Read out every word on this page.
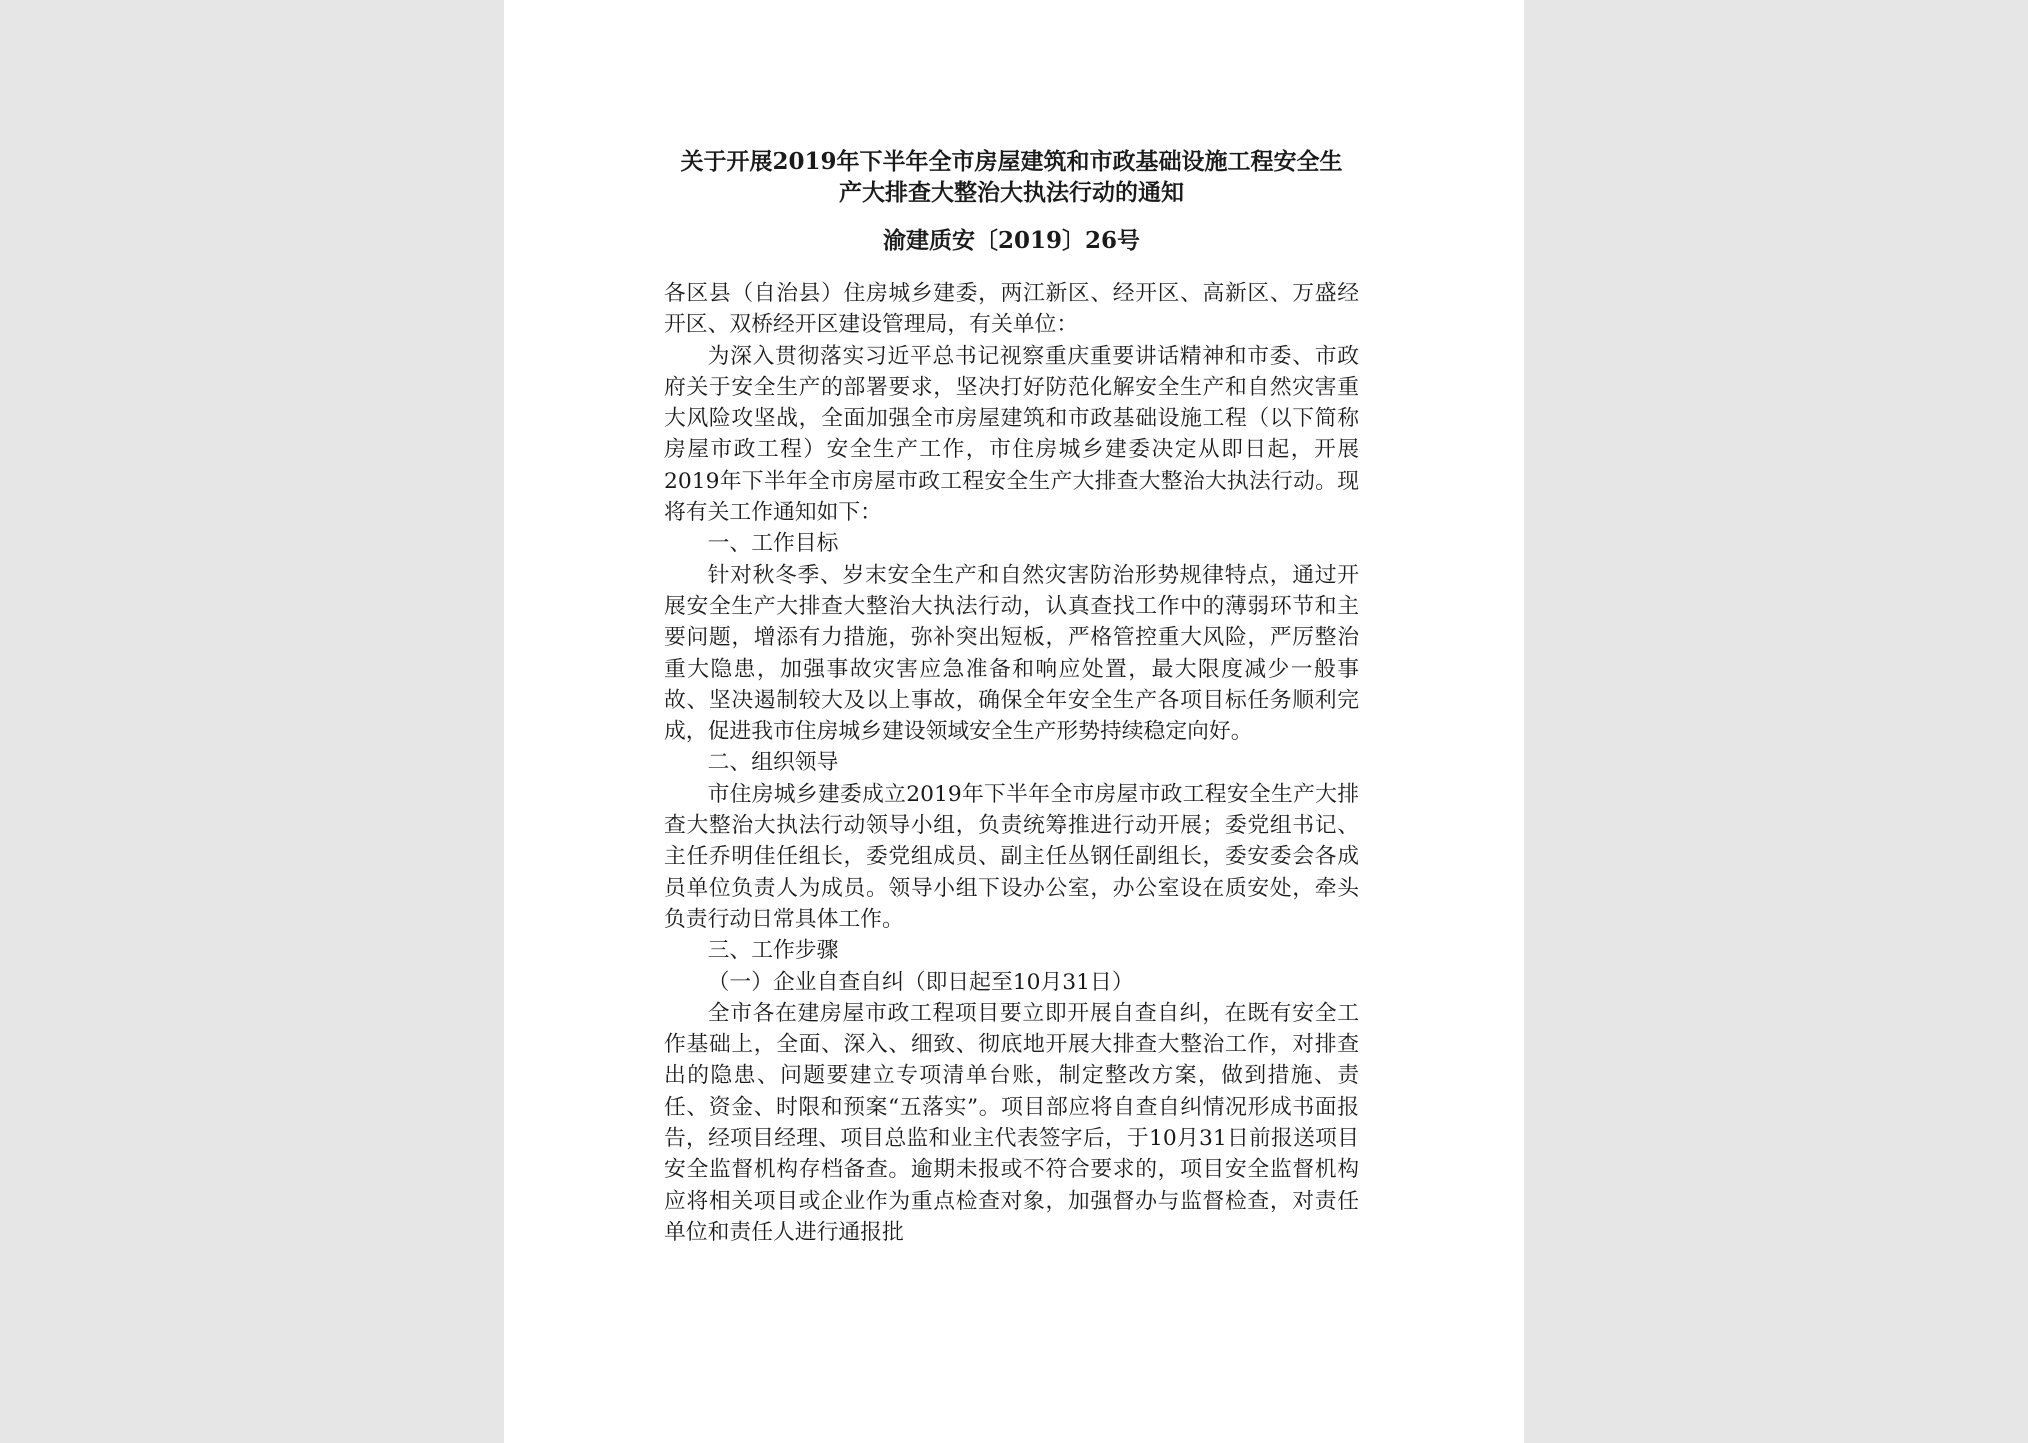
关于开展2019年下半年全市房屋建筑和市政基础设施工程安全生
产大排查大整治大执法行动的通知
渝建质安〔2019〕26号

各区县（自治县）住房城乡建委，两江新区、经开区、高新区、万盛经开区、双桥经开区建设管理局，有关单位：

为深入贯彻落实习近平总书记视察重庆重要讲话精神和市委、市政府关于安全生产的部署要求，坚决打好防范化解安全生产和自然灾害重大风险攻坚战，全面加强全市房屋建筑和市政基础设施工程（以下简称房屋市政工程）安全生产工作，市住房城乡建委决定从即日起，开展2019年下半年全市房屋市政工程安全生产大排查大整治大执法行动。现将有关工作通知如下：

一、工作目标

针对秋冬季、岁末安全生产和自然灾害防治形势规律特点，通过开展安全生产大排查大整治大执法行动，认真查找工作中的薄弱环节和主要问题，增添有力措施，弥补突出短板，严格管控重大风险，严厉整治重大隐患，加强事故灾害应急准备和响应处置，最大限度减少一般事故、坚决遏制较大及以上事故，确保全年安全生产各项目标任务顺利完成，促进我市住房城乡建设领域安全生产形势持续稳定向好。

二、组织领导

市住房城乡建委成立2019年下半年全市房屋市政工程安全生产大排查大整治大执法行动领导小组，负责统筹推进行动开展；委党组书记、主任乔明佳任组长，委党组成员、副主任丛钢任副组长，委安委会各成员单位负责人为成员。领导小组下设办公室，办公室设在质安处，牵头负责行动日常具体工作。

三、工作步骤

（一）企业自查自纠（即日起至10月31日）

全市各在建房屋市政工程项目要立即开展自查自纠，在既有安全工作基础上，全面、深入、细致、彻底地开展大排查大整治工作，对排查出的隐患、问题要建立专项清单台账，制定整改方案，做到措施、责任、资金、时限和预案“五落实”。项目部应将自查自纠情况形成书面报告，经项目经理、项目总监和业主代表签字后，于10月31日前报送项目安全监督机构存档备查。逾期未报或不符合要求的，项目安全监督机构应将相关项目或企业作为重点检查对象，加强督办与监督检查，对责任单位和责任人进行通报批
